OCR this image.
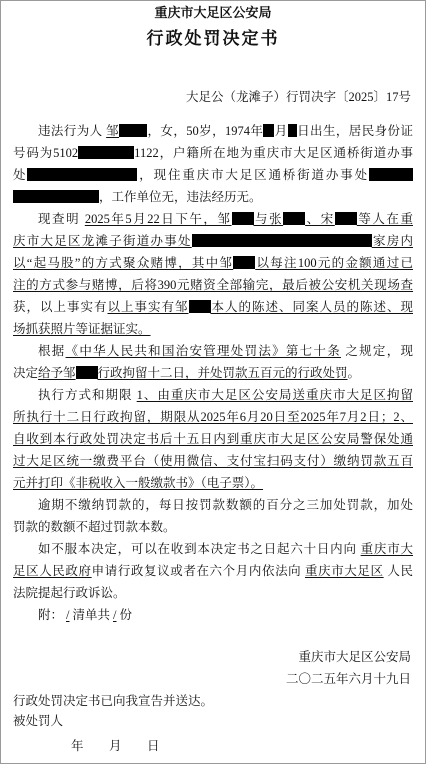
重庆市大足区公安局
行政处罚决定书
大足公（龙滩子）行罚决字〔2025〕17号
违法行为人 邹 ，女，50岁，1974年 月 日出生，居民身份证
号码为5102	1122，户籍所在地为重庆市大足区通桥街道办事
处	，现住重庆市大足区通桥街道办事处
，工作单位无，违法经历无。
现查明 2025年5月22日下午，邹 与张 、宋 等人在重
庆市大足区龙滩子街道办事处	家房内
以“起马股”的方式聚众赌博，其中邹 以每注100元的金额通过已
注的方式参与赌博，后将390元赌资全部输完，最后被公安机关现场查
获，以上事实有以上事实有邹 本人的陈述、同案人员的陈述、现
场抓获照片等证据证实。
根据《中华人民共和国治安管理处罚法》第七十条 之规定，现
决定给予邹 行政拘留十二日，并处罚款五百元的行政处罚。
执行方式和期限 1、由重庆市大足区公安局送重庆市大足区拘留
所执行十二日行政拘留，期限从2025年6月20日至2025年7月2日；2、
自收到本行政处罚决定书后十五日内到重庆市大足区公安局警保处通
过大足区统一缴费平台（使用微信、支付宝扫码支付）缴纳罚款五百
元并打印《非税收入一般缴款书》（电子票）。
逾期不缴纳罚款的，每日按罚款数额的百分之三加处罚款，加处
罚款的数额不超过罚款本数。
如不服本决定，可以在收到本决定书之日起六十日内向 重庆市大
足区人民政府申请行政复议或者在六个月内依法向 重庆市大足区 人民
法院提起行政诉讼。
附： / 清单共 / 份
重庆市大足区公安局
二〇二五年六月十九日
行政处罚决定书已向我宣告并送达。
被处罚人
年 月 日
